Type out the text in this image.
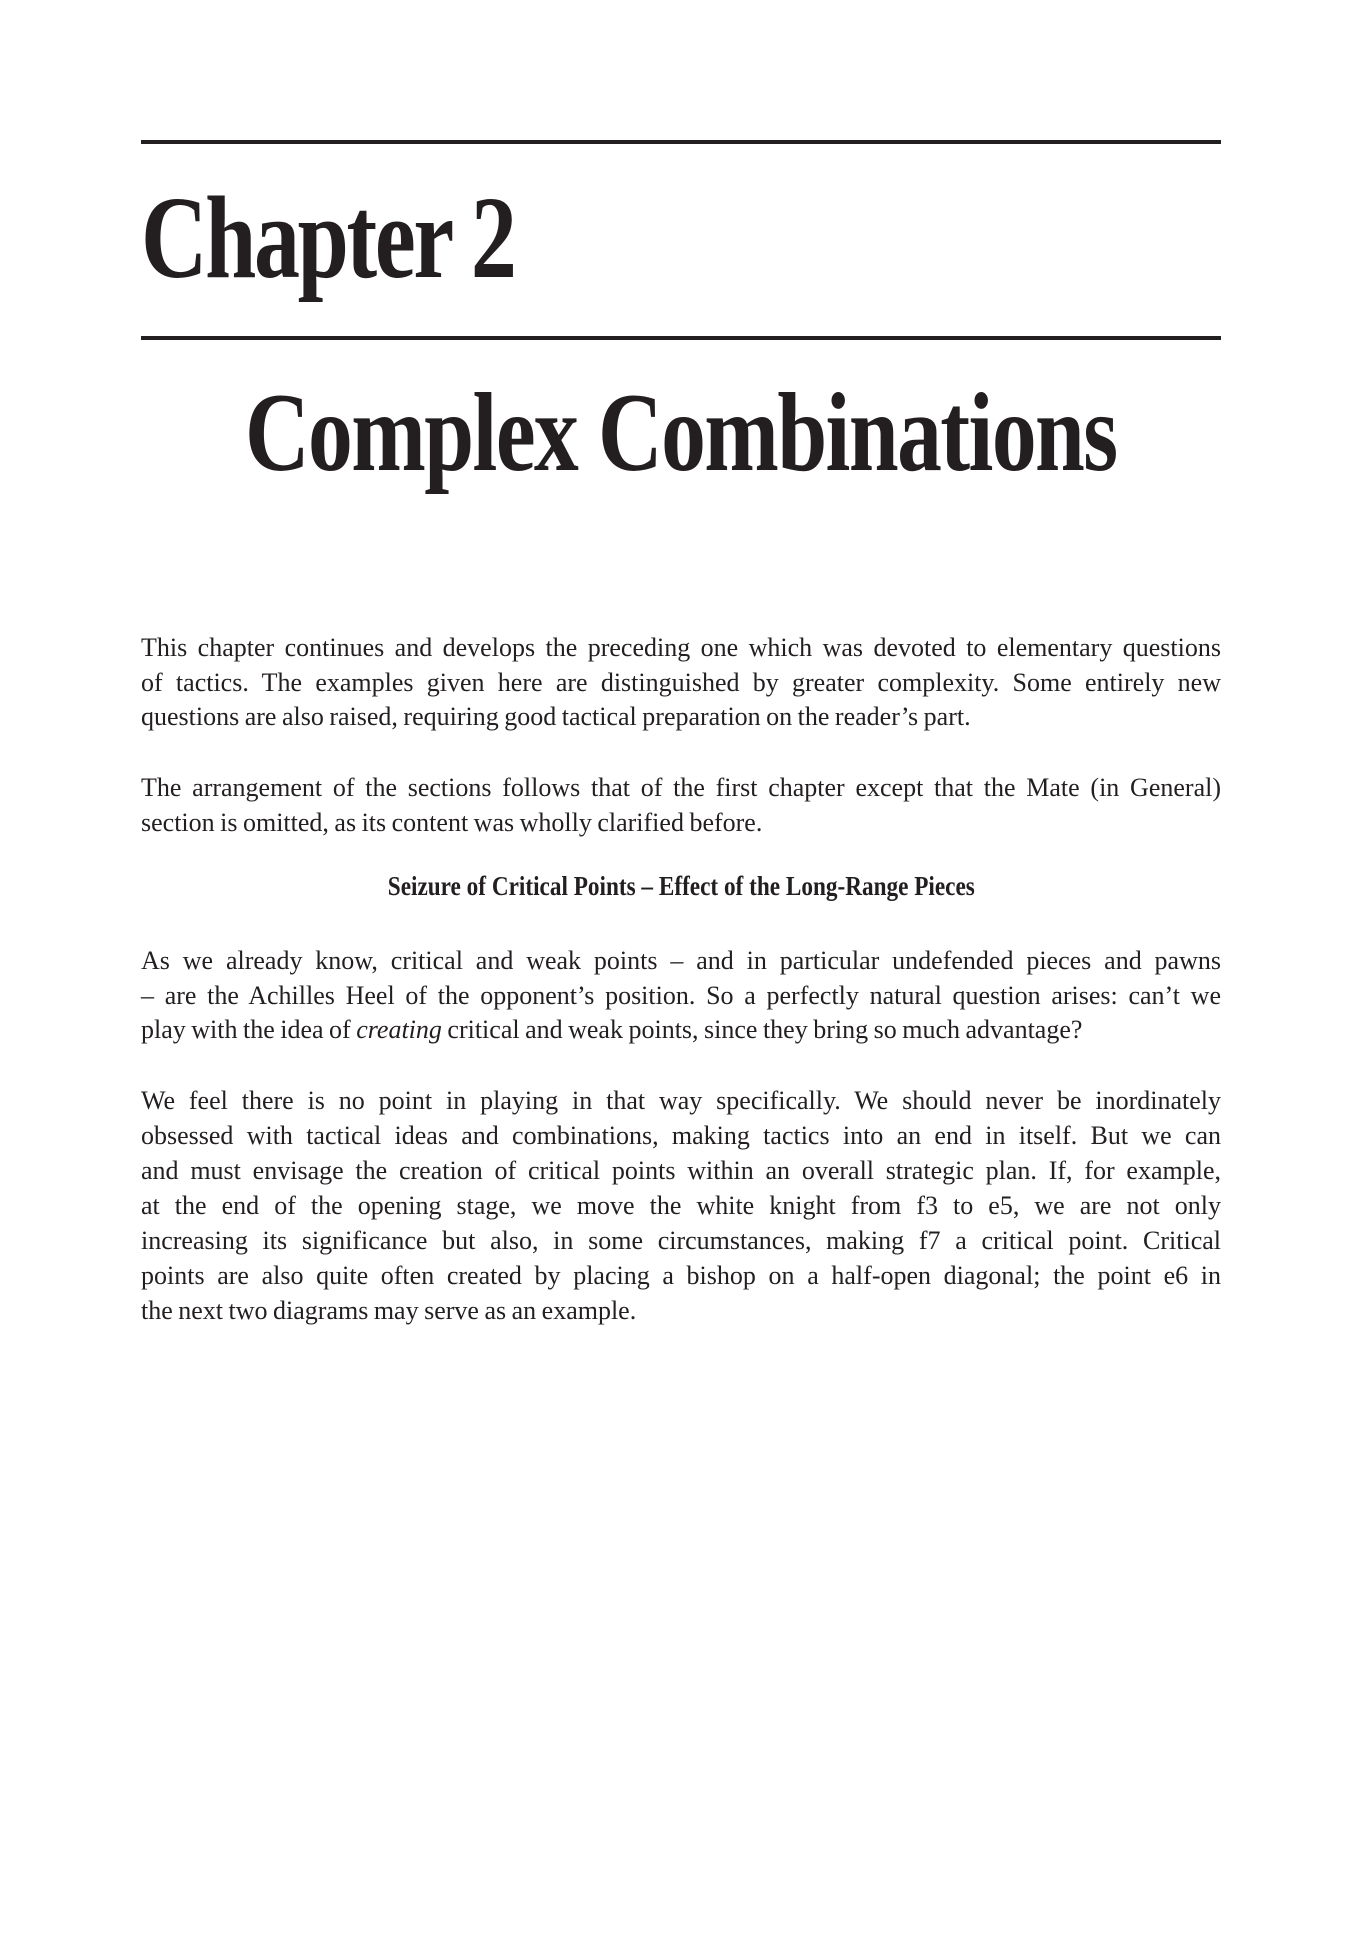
Chapter 2
Complex Combinations
This chapter continues and develops the preceding one which was devoted to elementary questions
of tactics. The examples given here are distinguished by greater complexity. Some entirely new
questions are also raised, requiring good tactical preparation on the reader’s part.
The arrangement of the sections follows that of the first chapter except that the Mate (in General)
section is omitted, as its content was wholly clarified before.
Seizure of Critical Points – Effect of the Long-Range Pieces
As we already know, critical and weak points – and in particular undefended pieces and pawns
– are the Achilles Heel of the opponent’s position. So a perfectly natural question arises: can’t we
play with the idea of creating critical and weak points, since they bring so much advantage?
We feel there is no point in playing in that way specifically. We should never be inordinately
obsessed with tactical ideas and combinations, making tactics into an end in itself. But we can
and must envisage the creation of critical points within an overall strategic plan. If, for example,
at the end of the opening stage, we move the white knight from f3 to e5, we are not only
increasing its significance but also, in some circumstances, making f7 a critical point. Critical
points are also quite often created by placing a bishop on a half-open diagonal; the point e6 in
the next two diagrams may serve as an example.
